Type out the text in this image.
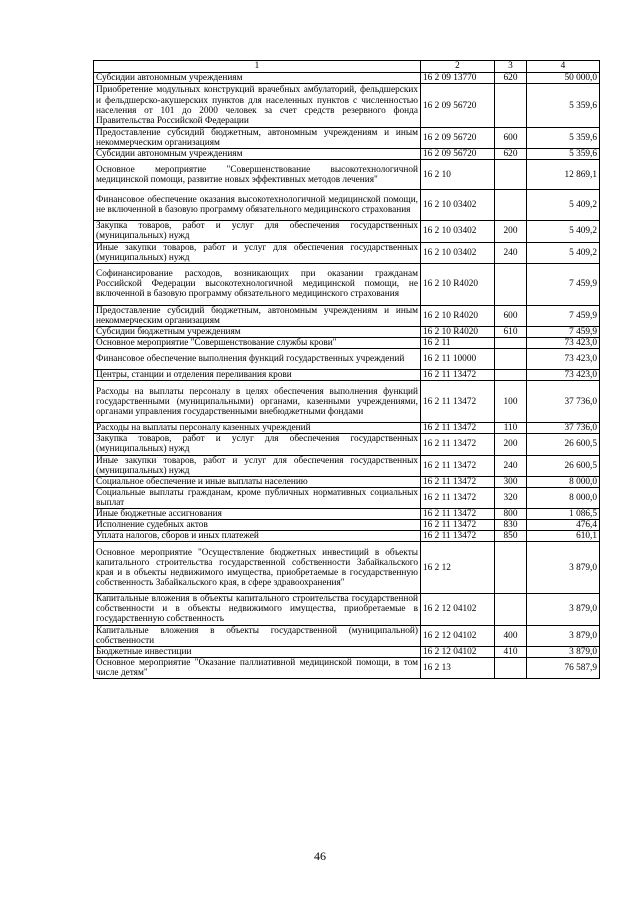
1	2	3	4
Субсидии автономным учреждениям	16 2 09 13770	620	50 000,0
Приобретение модульных конструкций врачебных амбулаторий, фельдшерских и фельдшерско-акушерских пунктов для населенных пунктов с численностью населения от 101 до 2000 человек за счет средств резервного фонда Правительства Российской Федерации	16 2 09 56720		5 359,6
Предоставление субсидий бюджетным, автономным учреждениям и иным некоммерческим организациям	16 2 09 56720	600	5 359,6
Субсидии автономным учреждениям	16 2 09 56720	620	5 359,6
Основное мероприятие "Совершенствование высокотехнологичной медицинской помощи, развитие новых эффективных методов лечения"	16 2 10		12 869,1
Финансовое обеспечение оказания высокотехнологичной медицинской помощи, не включенной в базовую программу обязательного медицинского страхования	16 2 10 03402		5 409,2
Закупка товаров, работ и услуг для обеспечения государственных (муниципальных) нужд	16 2 10 03402	200	5 409,2
Иные закупки товаров, работ и услуг для обеспечения государственных (муниципальных) нужд	16 2 10 03402	240	5 409,2
Софинансирование расходов, возникающих при оказании гражданам Российской Федерации высокотехнологичной медицинской помощи, не включенной в базовую программу обязательного медицинского страхования	16 2 10 R4020		7 459,9
Предоставление субсидий бюджетным, автономным учреждениям и иным некоммерческим организациям	16 2 10 R4020	600	7 459,9
Субсидии бюджетным учреждениям	16 2 10 R4020	610	7 459,9
Основное мероприятие "Совершенствование службы крови"	16 2 11		73 423,0
Финансовое обеспечение выполнения функций государственных учреждений	16 2 11 10000		73 423,0
Центры, станции и отделения переливания крови	16 2 11 13472		73 423,0
Расходы на выплаты персоналу в целях обеспечения выполнения функций государственными (муниципальными) органами, казенными учреждениями, органами управления государственными внебюджетными фондами	16 2 11 13472	100	37 736,0
Расходы на выплаты персоналу казенных учреждений	16 2 11 13472	110	37 736,0
Закупка товаров, работ и услуг для обеспечения государственных (муниципальных) нужд	16 2 11 13472	200	26 600,5
Иные закупки товаров, работ и услуг для обеспечения государственных (муниципальных) нужд	16 2 11 13472	240	26 600,5
Социальное обеспечение и иные выплаты населению	16 2 11 13472	300	8 000,0
Социальные выплаты гражданам, кроме публичных нормативных социальных выплат	16 2 11 13472	320	8 000,0
Иные бюджетные ассигнования	16 2 11 13472	800	1 086,5
Исполнение судебных актов	16 2 11 13472	830	476,4
Уплата налогов, сборов и иных платежей	16 2 11 13472	850	610,1
Основное мероприятие "Осуществление бюджетных инвестиций в объекты капитального строительства государственной собственности Забайкальского края и в объекты недвижимого имущества, приобретаемые в государственную собственность Забайкальского края, в сфере здравоохранения"	16 2 12		3 879,0
Капитальные вложения в объекты капитального строительства государственной собственности и в объекты недвижимого имущества, приобретаемые в государственную собственность	16 2 12 04102		3 879,0
Капитальные вложения в объекты государственной (муниципальной) собственности	16 2 12 04102	400	3 879,0
Бюджетные инвестиции	16 2 12 04102	410	3 879,0
Основное мероприятие "Оказание паллиативной медицинской помощи, в том числе детям"	16 2 13		76 587,9
46
